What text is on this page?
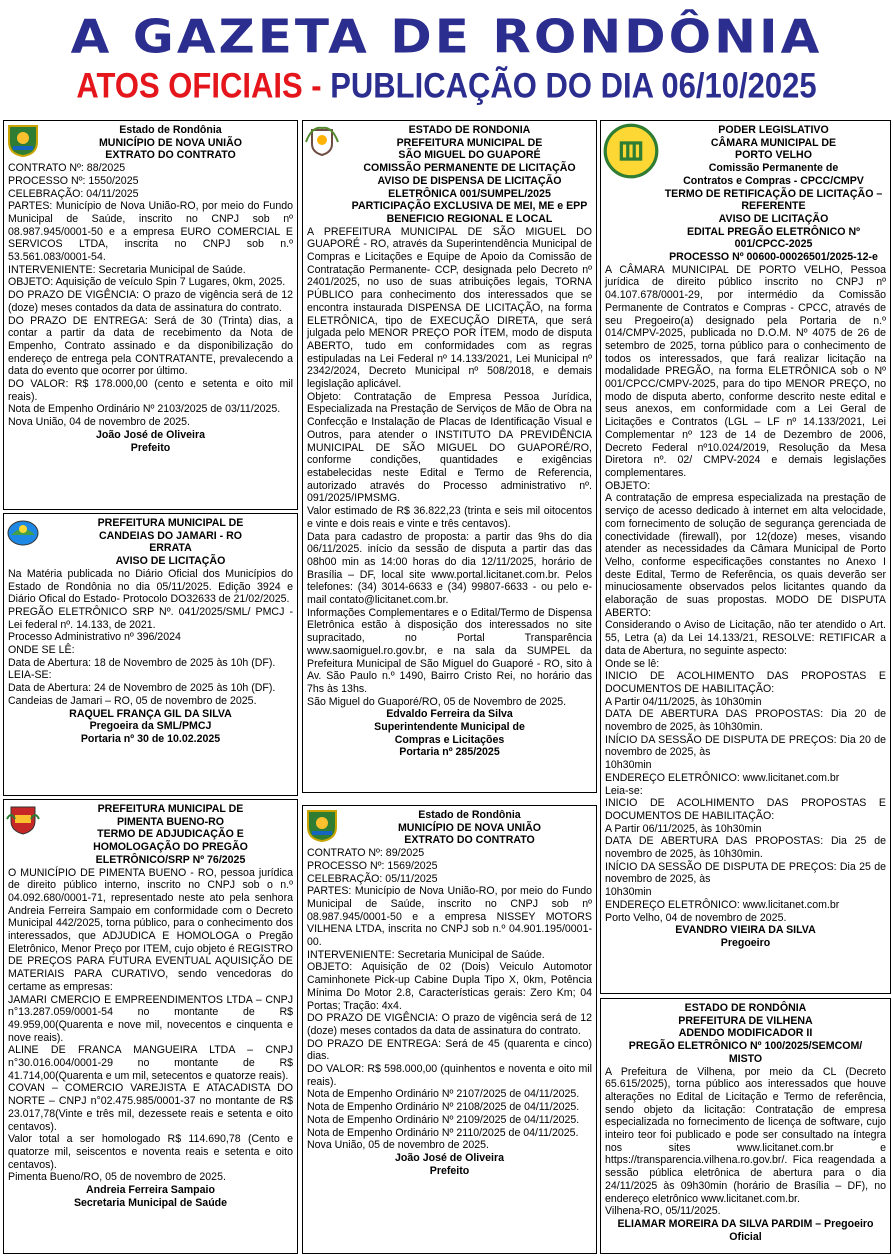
A GAZETA DE RONDÔNIA
ATOS OFICIAIS - PUBLICAÇÃO DO DIA 06/10/2025
Estado de Rondônia
MUNICÍPIO DE NOVA UNIÃO
EXTRATO DO CONTRATO

CONTRATO Nº: 88/2025

PROCESSO Nº: 1550/2025

CELEBRAÇÃO: 04/11/2025

PARTES: Município de Nova União-RO, por meio do Fundo Municipal de Saúde, inscrito no CNPJ sob nº 08.987.945/0001-50 e a empresa EURO COMERCIAL E SERVICOS LTDA, inscrita no CNPJ sob n.º 53.561.083/0001-54.

INTERVENIENTE: Secretaria Municipal de Saúde.

OBJETO: Aquisição de veículo Spin 7 Lugares, 0km, 2025.

DO PRAZO DE VIGÊNCIA: O prazo de vigência será de 12 (doze) meses contados da data de assinatura do contrato.

DO PRAZO DE ENTREGA: Será de 30 (Trinta) dias, a contar a partir da data de recebimento da Nota de Empenho, Contrato assinado e da disponibilização do endereço de entrega pela CONTRATANTE, prevalecendo a data do evento que ocorrer por último.

DO VALOR: R$ 178.000,00 (cento e setenta e oito mil reais).

Nota de Empenho Ordinário Nº 2103/2025 de 03/11/2025.

Nova União, 04 de novembro de 2025.

João José de Oliveira
Prefeito
PREFEITURA MUNICIPAL DE
CANDEIAS DO JAMARI - RO
ERRATA
AVISO DE LICITAÇÃO

Na Matéria publicada no Diário Oficial dos Municípios do Estado de Rondônia no dia 05/11/2025. Edição 3924 e Diário Ofical do Estado- Protocolo DO32633 de 21/02/2025.

PREGÃO ELETRÔNICO SRP Nº. 041/2025/SML/ PMCJ - Lei federal nº. 14.133, de 2021.

Processo Administrativo nº 396/2024

ONDE SE LÊ:

Data de Abertura: 18 de Novembro de 2025 às 10h (DF).

LEIA-SE:

Data de Abertura: 24 de Novembro de 2025 às 10h (DF).

Candeias de Jamari – RO, 05 de novembro de 2025.

RAQUEL FRANÇA GIL DA SILVA
Pregoeira da SML/PMCJ
Portaria nº 30 de 10.02.2025
PREFEITURA MUNICIPAL DE
PIMENTA BUENO-RO
TERMO DE ADJUDICAÇÃO E
HOMOLOGAÇÃO DO PREGÃO
ELETRÔNICO/SRP Nº 76/2025

O MUNICÍPIO DE PIMENTA BUENO - RO, pessoa jurídica de direito público interno, inscrito no CNPJ sob o n.º 04.092.680/0001-71, representado neste ato pela senhora Andreia Ferreira Sampaio em conformidade com o Decreto Municipal 442/2025, torna público, para o conhecimento dos interessados, que ADJUDICA E HOMOLOGA o Pregão Eletrônico, Menor Preço por ITEM, cujo objeto é REGISTRO DE PREÇOS PARA FUTURA EVENTUAL AQUISIÇÃO DE MATERIAIS PARA CURATIVO, sendo vencedoras do certame as empresas:

JAMARI CMERCIO E EMPREENDIMENTOS LTDA – CNPJ n°13.287.059/0001-54 no montante de R$ 49.959,00(Quarenta e nove mil, novecentos e cinquenta e nove reais).

ALINE DE FRANCA MANGUEIRA LTDA – CNPJ n°30.016.004/0001-29 no montante de R$ 41.714,00(Quarenta e um mil, setecentos e quatorze reais).

COVAN – COMERCIO VAREJISTA E ATACADISTA DO NORTE – CNPJ n°02.475.985/0001-37 no montante de R$ 23.017,78(Vinte e três mil, dezessete reais e setenta e oito centavos).

Valor total a ser homologado R$ 114.690,78 (Cento e quatorze mil, seiscentos e noventa reais e setenta e oito centavos).

Pimenta Bueno/RO, 05 de novembro de 2025.

Andreia Ferreira Sampaio
Secretaria Municipal de Saúde
ESTADO DE RONDONIA
PREFEITURA MUNICIPAL DE
SÃO MIGUEL DO GUAPORÉ
COMISSÃO PERMANENTE DE LICITAÇÃO
AVISO DE DISPENSA DE LICITAÇÃO
ELETRÔNICA 001/SUMPEL/2025
PARTICIPAÇÃO EXCLUSIVA DE MEI, ME e EPP
BENEFICIO REGIONAL E LOCAL

A PREFEITURA MUNICIPAL DE SÃO MIGUEL DO GUAPORÉ - RO, através da Superintendência Municipal de Compras e Licitações e Equipe de Apoio da Comissão de Contratação Permanente- CCP, designada pelo Decreto nº 2401/2025, no uso de suas atribuições legais, TORNA PÚBLICO para conhecimento dos interessados que se encontra instaurada DISPENSA DE LICITAÇÃO, na forma ELETRÔNICA, tipo de EXECUÇÃO DIRETA, que será julgada pelo MENOR PREÇO POR ÍTEM, modo de disputa ABERTO, tudo em conformidades com as regras estipuladas na Lei Federal nº 14.133/2021, Lei Municipal nº 2342/2024, Decreto Municipal nº 508/2018, e demais legislação aplicável.

Objeto: Contratação de Empresa Pessoa Jurídica, Especializada na Prestação de Serviços de Mão de Obra na Confecção e Instalação de Placas de Identificação Visual e Outros, para atender o INSTITUTO DA PREVIDÊNCIA MUNICIPAL DE SÃO MIGUEL DO GUAPORÉ/RO, conforme condições, quantidades e exigências estabelecidas neste Edital e Termo de Referencia, autorizado através do Processo administrativo nº. 091/2025/IPMSMG.

Valor estimado de R$ 36.822,23 (trinta e seis mil oitocentos e vinte e dois reais e vinte e três centavos).

Data para cadastro de proposta: a partir das 9hs do dia 06/11/2025. início da sessão de disputa a partir das das 08h00 min as 14:00 horas do dia 12/11/2025, horário de Brasília – DF, local site www.portal.licitanet.com.br. Pelos telefones: (34) 3014-6633 e (34) 99807-6633 - ou pelo e-mail contato@licitanet.com.br.

Informações Complementares e o Edital/Termo de Dispensa Eletrônica estão à disposição dos interessados no site supracitado, no Portal Transparência www.saomiguel.ro.gov.br, e na sala da SUMPEL da Prefeitura Municipal de São Miguel do Guaporé - RO, sito à Av. São Paulo n.º 1490, Bairro Cristo Rei, no horário das 7hs às 13hs.

São Miguel do Guaporé/RO, 05 de Novembro de 2025.

Edvaldo Ferreira da Silva
Superintendente Municipal de
Compras e Licitações
Portaria nº 285/2025
Estado de Rondônia
MUNICÍPIO DE NOVA UNIÃO
EXTRATO DO CONTRATO

CONTRATO Nº: 89/2025

PROCESSO Nº: 1569/2025

CELEBRAÇÃO: 05/11/2025

PARTES: Município de Nova União-RO, por meio do Fundo Municipal de Saúde, inscrito no CNPJ sob nº 08.987.945/0001-50 e a empresa NISSEY MOTORS VILHENA LTDA, inscrita no CNPJ sob n.º 04.901.195/0001-00.

INTERVENIENTE: Secretaria Municipal de Saúde.

OBJETO: Aquisição de 02 (Dois) Veiculo Automotor Caminhonete Pick-up Cabine Dupla Tipo X, 0km, Potência Mínima Do Motor 2.8, Características gerais: Zero Km; 04 Portas; Tração: 4x4.

DO PRAZO DE VIGÊNCIA: O prazo de vigência será de 12 (doze) meses contados da data de assinatura do contrato.

DO PRAZO DE ENTREGA: Será de 45 (quarenta e cinco) dias.

DO VALOR: R$ 598.000,00 (quinhentos e noventa e oito mil reais).

Nota de Empenho Ordinário Nº 2107/2025 de 04/11/2025.

Nota de Empenho Ordinário Nº 2108/2025 de 04/11/2025.

Nota de Empenho Ordinário Nº 2109/2025 de 04/11/2025.

Nota de Empenho Ordinário Nº 2110/2025 de 04/11/2025.

Nova União, 05 de novembro de 2025.

João José de Oliveira
Prefeito
PODER LEGISLATIVO
CÂMARA MUNICIPAL DE
PORTO VELHO
Comissão Permanente de
Contratos e Compras - CPCC/CMPV
TERMO DE RETIFICAÇÃO DE LICITAÇÃO – REFERENTE
AVISO DE LICITAÇÃO
EDITAL PREGÃO ELETRÔNICO Nº 001/CPCC-2025
PROCESSO Nº 00600-00026501/2025-12-e

A CÂMARA MUNICIPAL DE PORTO VELHO, Pessoa jurídica de direito público inscrito no CNPJ nº 04.107.678/0001-29, por intermédio da Comissão Permanente de Contratos e Compras - CPCC, através de seu Pregoeiro(a) designado pela Portaria de n.º 014/CMPV-2025, publicada no D.O.M. Nº 4075 de 26 de setembro de 2025, torna público para o conhecimento de todos os interessados, que fará realizar licitação na modalidade PREGÃO, na forma ELETRÔNICA sob o Nº 001/CPCC/CMPV-2025, para do tipo MENOR PREÇO, no modo de disputa aberto, conforme descrito neste edital e seus anexos, em conformidade com a Lei Geral de Licitações e Contratos (LGL – LF nº 14.133/2021, Lei Complementar nº 123 de 14 de Dezembro de 2006, Decreto Federal nº10.024/2019, Resolução da Mesa Diretora nº. 02/ CMPV-2024 e demais legislações complementares.

OBJETO:

A contratação de empresa especializada na prestação de serviço de acesso dedicado à internet em alta velocidade, com fornecimento de solução de segurança gerenciada de conectividade (firewall), por 12(doze) meses, visando atender as necessidades da Câmara Municipal de Porto Velho, conforme especificações constantes no Anexo I deste Edital, Termo de Referência, os quais deverão ser minuciosamente observados pelos licitantes quando da elaboração de suas propostas. MODO DE DISPUTA ABERTO:

Considerando o Aviso de Licitação, não ter atendido o Art. 55, Letra (a) da Lei 14.133/21, RESOLVE: RETIFICAR a data de Abertura, no seguinte aspecto:

Onde se lê:

INICIO DE ACOLHIMENTO DAS PROPOSTAS E DOCUMENTOS DE HABILITAÇÃO:

A Partir 04/11/2025, às 10h30min

DATA DE ABERTURA DAS PROPOSTAS: Dia 20 de novembro de 2025, às 10h30min.

INÍCIO DA SESSÃO DE DISPUTA DE PREÇOS: Dia 20 de novembro de 2025, às

10h30min

ENDEREÇO ELETRÔNICO: www.licitanet.com.br

Leia-se:

INICIO DE ACOLHIMENTO DAS PROPOSTAS E DOCUMENTOS DE HABILITAÇÃO:

A Partir 06/11/2025, às 10h30min

DATA DE ABERTURA DAS PROPOSTAS: Dia 25 de novembro de 2025, às 10h30min.

INÍCIO DA SESSÃO DE DISPUTA DE PREÇOS: Dia 25 de novembro de 2025, às

10h30min

ENDEREÇO ELETRÔNICO: www.licitanet.com.br

Porto Velho, 04 de novembro de 2025.

EVANDRO VIEIRA DA SILVA
Pregoeiro
ESTADO DE RONDÔNIA
PREFEITURA DE VILHENA
ADENDO MODIFICADOR II
PREGÃO ELETRÔNICO Nº 100/2025/SEMCOM/
MISTO

A Prefeitura de Vilhena, por meio da CL (Decreto 65.615/2025), torna público aos interessados que houve alterações no Edital de Licitação e Termo de referência, sendo objeto da licitação: Contratação de empresa especializada no fornecimento de licença de software, cujo inteiro teor foi publicado e pode ser consultado na íntegra nos sites www.licitanet.com.br e https://transparencia.vilhena.ro.gov.br/. Fica reagendada a sessão pública eletrônica de abertura para o dia 24/11/2025 às 09h30min (horário de Brasília – DF), no endereço eletrônico www.licitanet.com.br.

Vilhena-RO, 05/11/2025.

ELIAMAR MOREIRA DA SILVA PARDIM – Pregoeiro
Oficial
